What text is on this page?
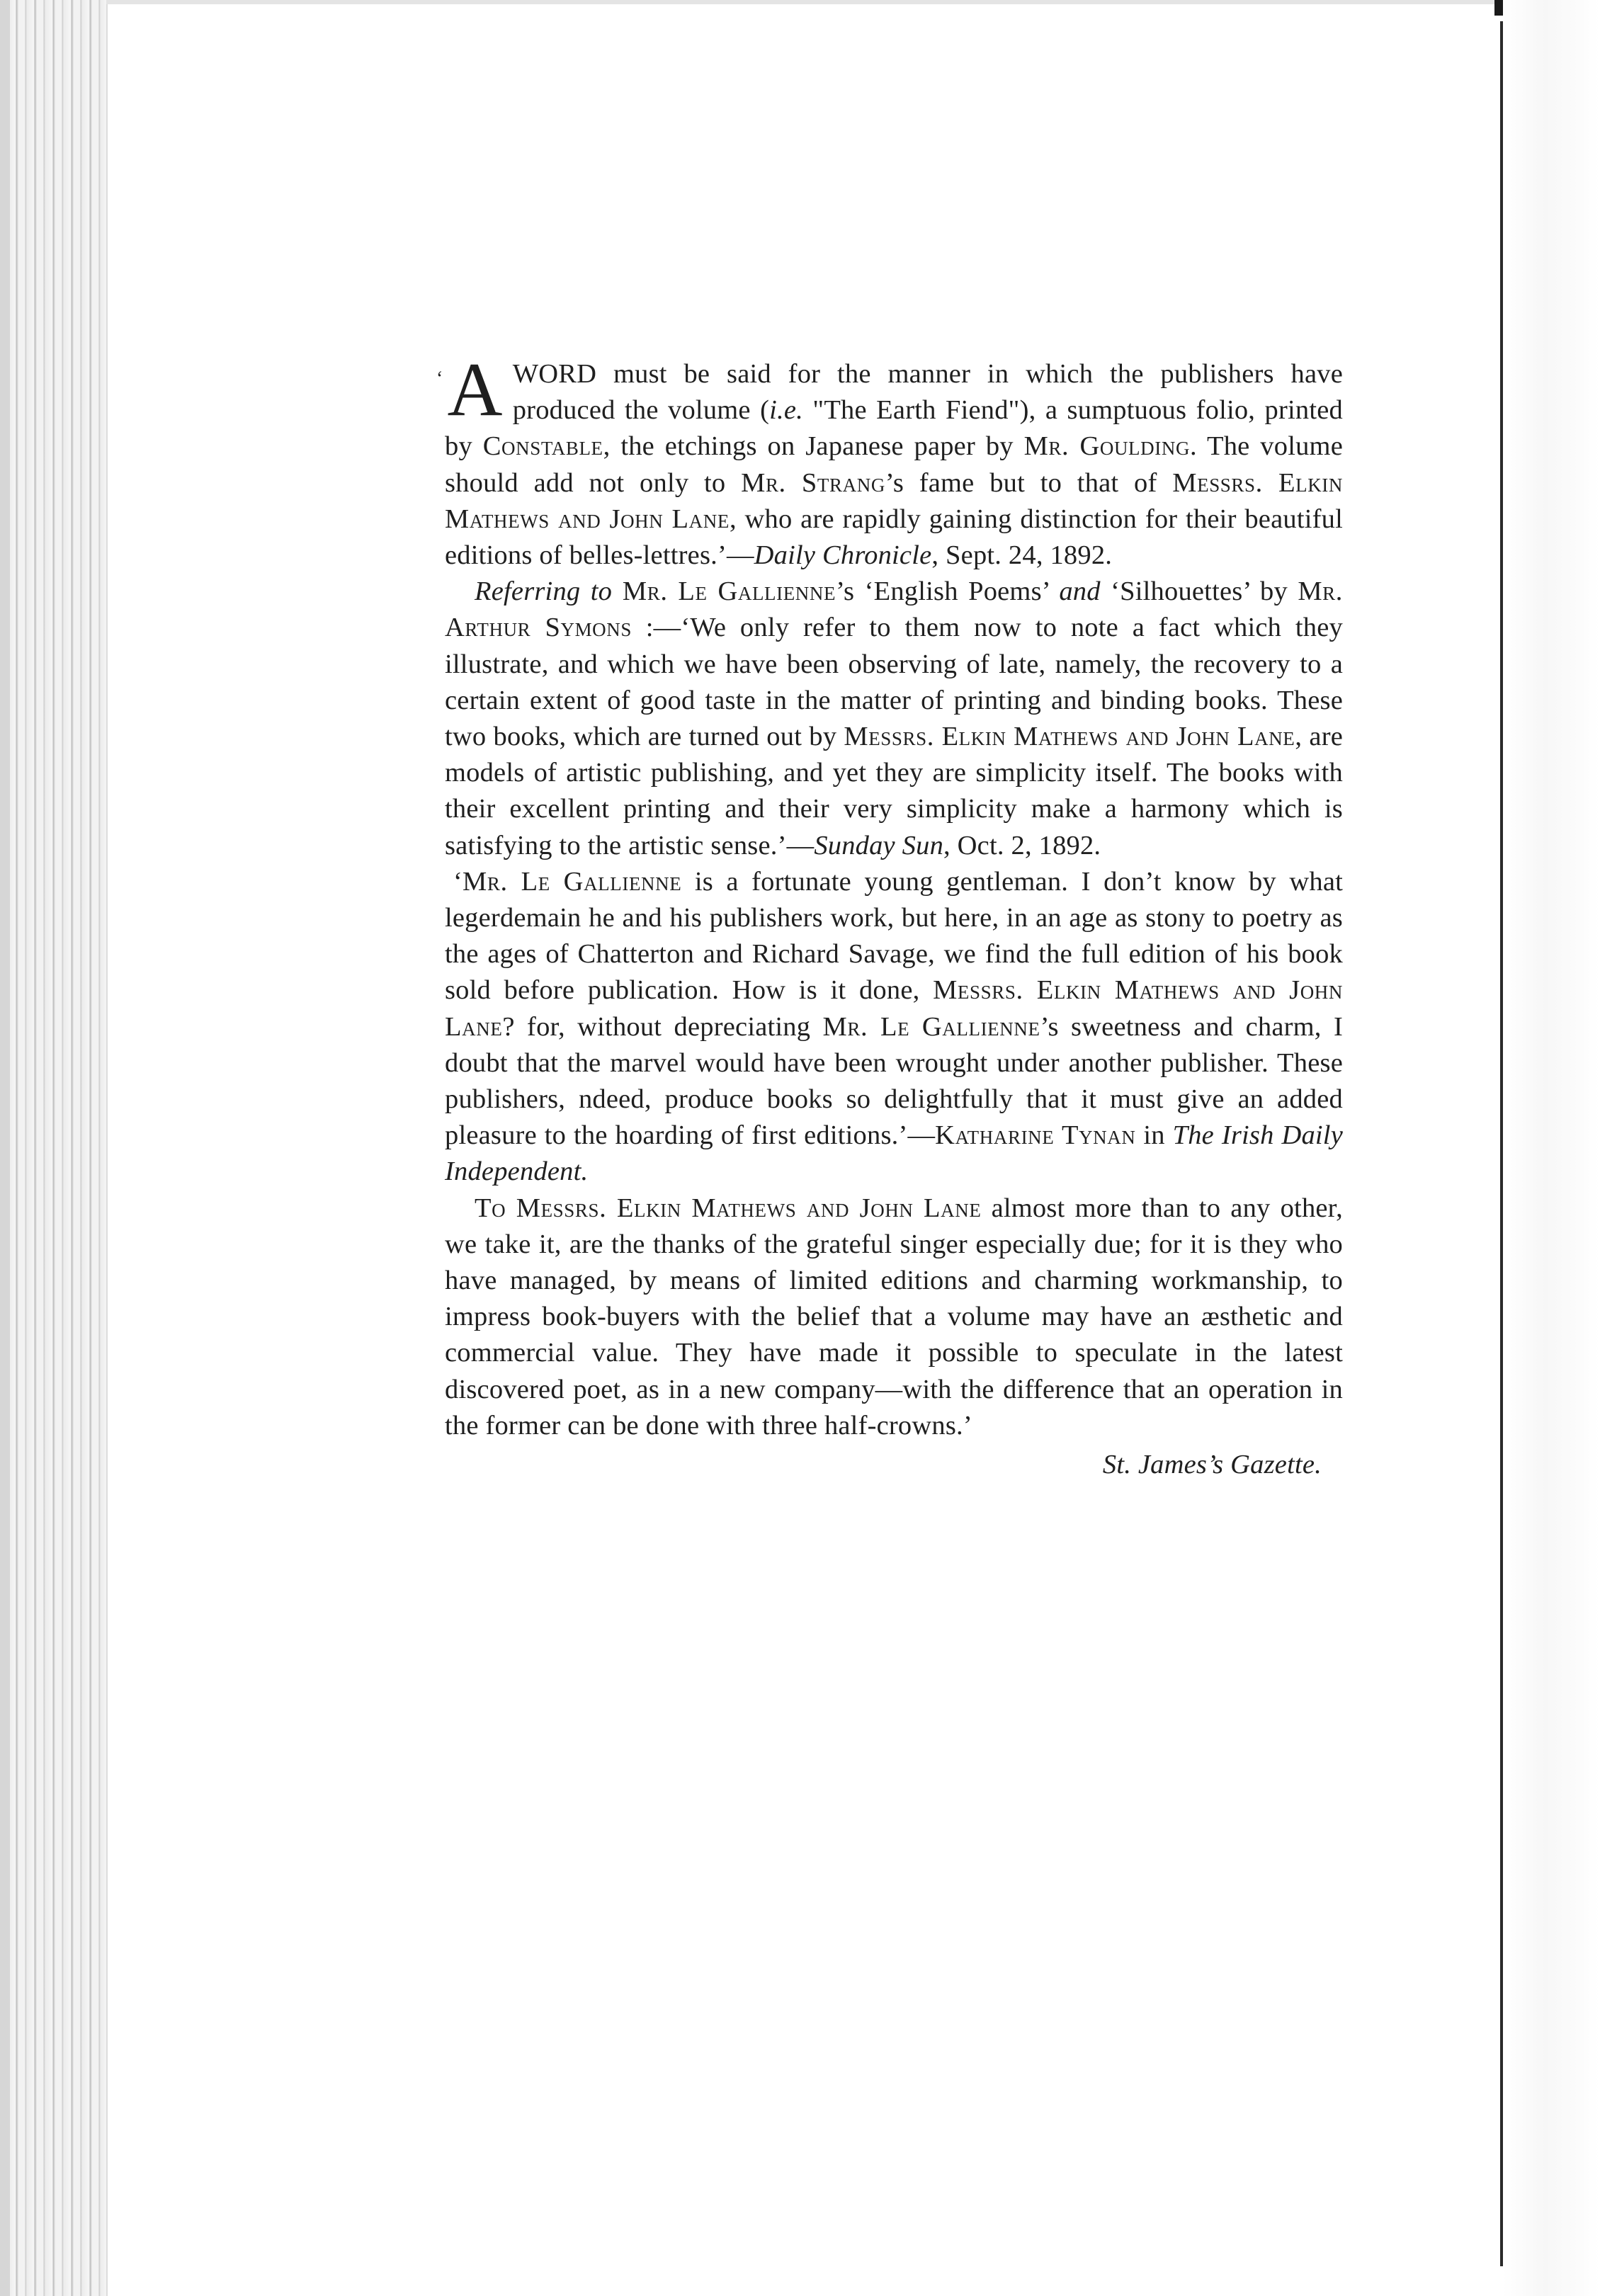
‘ A WORD must be said for the manner in which the publishers have produced the volume (i.e. "The Earth Fiend"), a sumptuous folio, printed by Constable, the etchings on Japanese paper by Mr. Goulding. The volume should add not only to Mr. Strang’s fame but to that of Messrs. Elkin Mathews and John Lane, who are rapidly gaining distinction for their beautiful editions of belles-lettres.’—Daily Chronicle, Sept. 24, 1892.

Referring to Mr. Le Gallienne’s ‘English Poems’ and ‘Silhouettes’ by Mr. Arthur Symons :—‘We only refer to them now to note a fact which they illustrate, and which we have been observing of late, namely, the recovery to a certain extent of good taste in the matter of printing and binding books. These two books, which are turned out by Messrs. Elkin Mathews and John Lane, are models of artistic publishing, and yet they are simplicity itself. The books with their excellent printing and their very simplicity make a harmony which is satisfying to the artistic sense.’—Sunday Sun, Oct. 2, 1892.

‘Mr. Le Gallienne is a fortunate young gentleman. I don’t know by what legerdemain he and his publishers work, but here, in an age as stony to poetry as the ages of Chatterton and Richard Savage, we find the full edition of his book sold before publication. How is it done, Messrs. Elkin Mathews and John Lane? for, without depreciating Mr. Le Gallienne’s sweetness and charm, I doubt that the marvel would have been wrought under another publisher. These publishers, ndeed, produce books so delightfully that it must give an added pleasure to the hoarding of first editions.’—Katharine Tynan in The Irish Daily Independent.

To Messrs. Elkin Mathews and John Lane almost more than to any other, we take it, are the thanks of the grateful singer especially due; for it is they who have managed, by means of limited editions and charming workmanship, to impress book-buyers with the belief that a volume may have an æsthetic and commercial value. They have made it possible to speculate in the latest discovered poet, as in a new company—with the difference that an operation in the former can be done with three half-crowns.’

St. James’s Gazette.
